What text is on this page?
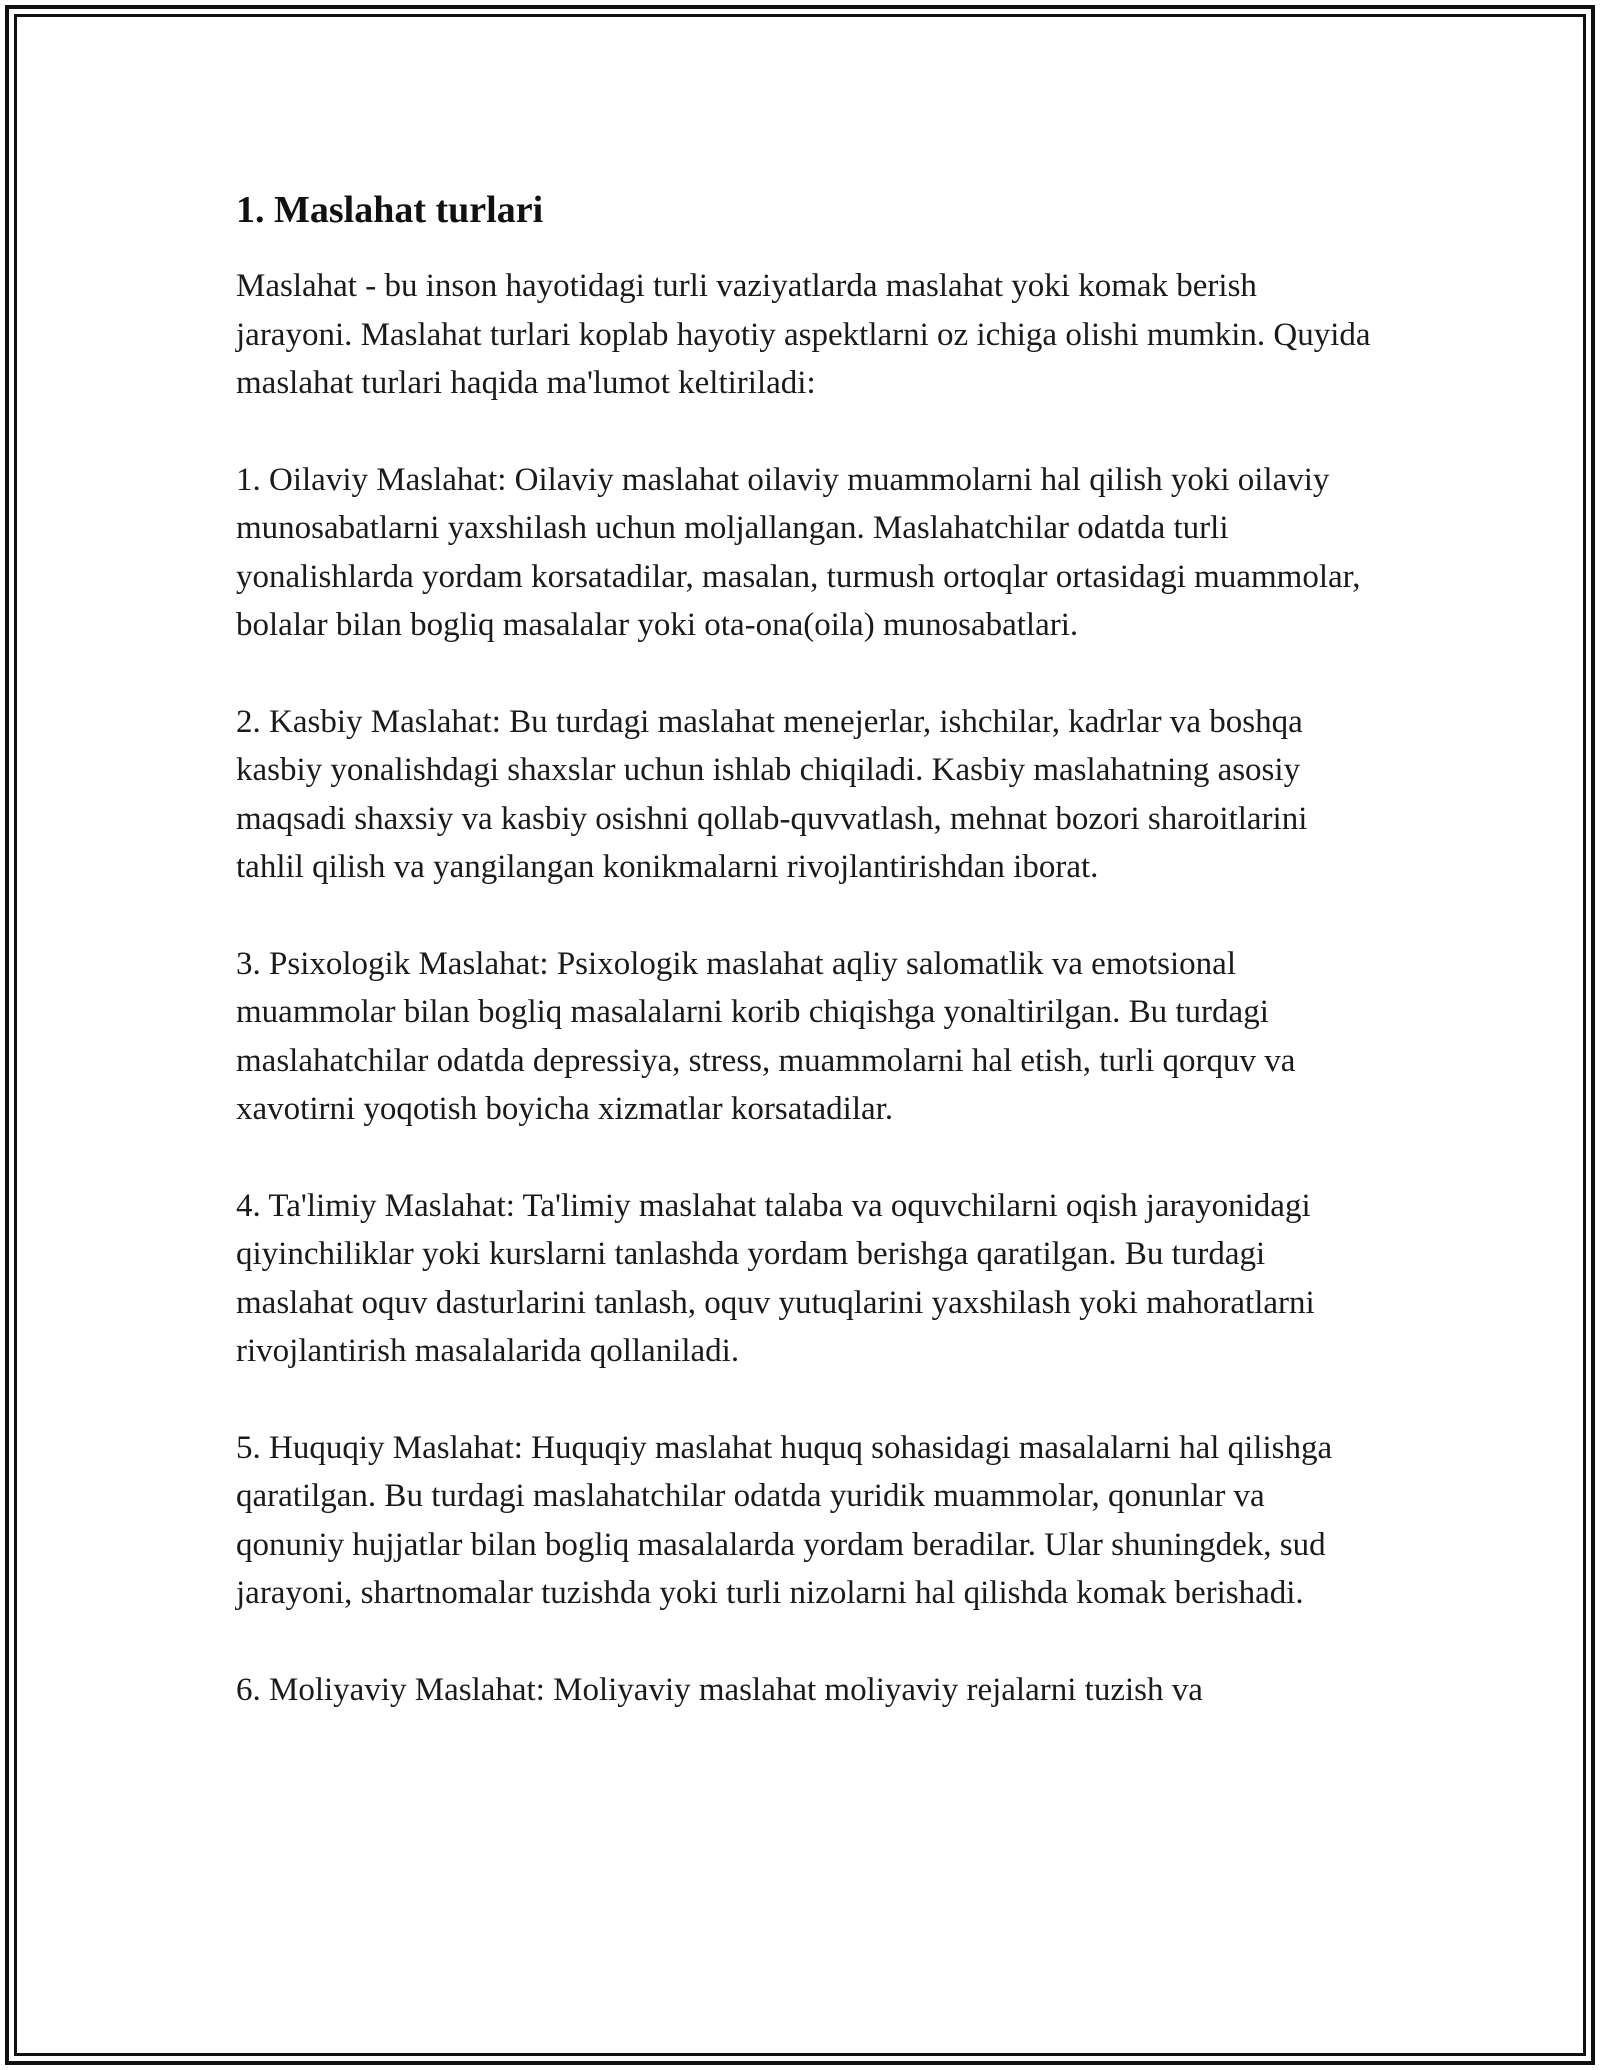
1. Maslahat turlari

Maslahat - bu inson hayotidagi turli vaziyatlarda maslahat yoki komak berish jarayoni. Maslahat turlari koplab hayotiy aspektlarni oz ichiga olishi mumkin. Quyida maslahat turlari haqida ma'lumot keltiriladi:

1. Oilaviy Maslahat: Oilaviy maslahat oilaviy muammolarni hal qilish yoki oilaviy munosabatlarni yaxshilash uchun moljallangan. Maslahatchilar odatda turli yonalishlarda yordam korsatadilar, masalan, turmush ortoqlar ortasidagi muammolar, bolalar bilan bogliq masalalar yoki ota-ona(oila) munosabatlari.

2. Kasbiy Maslahat: Bu turdagi maslahat menejerlar, ishchilar, kadrlar va boshqa kasbiy yonalishdagi shaxslar uchun ishlab chiqiladi. Kasbiy maslahatning asosiy maqsadi shaxsiy va kasbiy osishni qollab-quvvatlash, mehnat bozori sharoitlarini tahlil qilish va yangilangan konikmalarni rivojlantirishdan iborat.

3. Psixologik Maslahat: Psixologik maslahat aqliy salomatlik va emotsional muammolar bilan bogliq masalalarni korib chiqishga yonaltirilgan. Bu turdagi maslahatchilar odatda depressiya, stress, muammolarni hal etish, turli qorquv va xavotirni yoqotish boyicha xizmatlar korsatadilar.

4. Ta'limiy Maslahat: Ta'limiy maslahat talaba va oquvchilarni oqish jarayonidagi qiyinchiliklar yoki kurslarni tanlashda yordam berishga qaratilgan. Bu turdagi maslahat oquv dasturlarini tanlash, oquv yutuqlarini yaxshilash yoki mahoratlarni rivojlantirish masalalarida qollaniladi.

5. Huquqiy Maslahat: Huquqiy maslahat huquq sohasidagi masalalarni hal qilishga qaratilgan. Bu turdagi maslahatchilar odatda yuridik muammolar, qonunlar va qonuniy hujjatlar bilan bogliq masalalarda yordam beradilar. Ular shuningdek, sud jarayoni, shartnomalar tuzishda yoki turli nizolarni hal qilishda komak berishadi.

6. Moliyaviy Maslahat: Moliyaviy maslahat moliyaviy rejalarni tuzish va
